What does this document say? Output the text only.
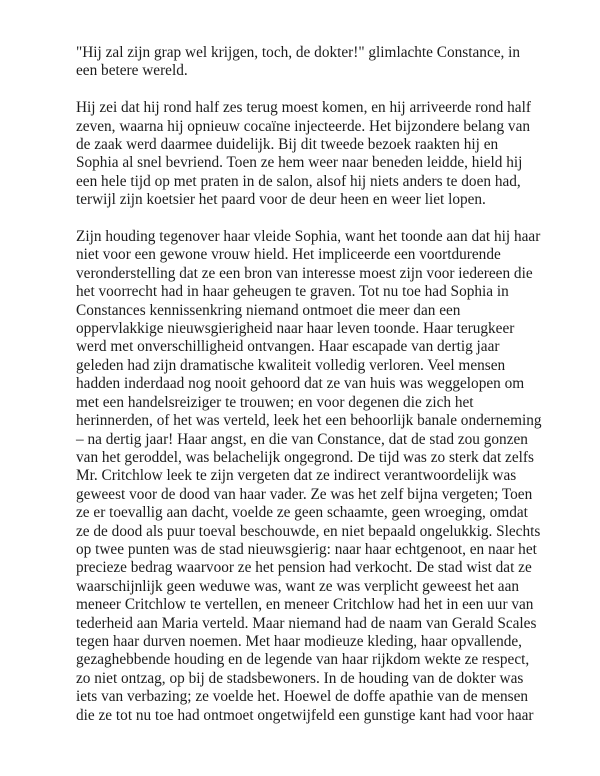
"Hij zal zijn grap wel krijgen, toch, de dokter!" glimlachte Constance, in
een betere wereld.
Hij zei dat hij rond half zes terug moest komen, en hij arriveerde rond half
zeven, waarna hij opnieuw cocaïne injecteerde. Het bijzondere belang van
de zaak werd daarmee duidelijk. Bij dit tweede bezoek raakten hij en
Sophia al snel bevriend. Toen ze hem weer naar beneden leidde, hield hij
een hele tijd op met praten in de salon, alsof hij niets anders te doen had,
terwijl zijn koetsier het paard voor de deur heen en weer liet lopen.
Zijn houding tegenover haar vleide Sophia, want het toonde aan dat hij haar
niet voor een gewone vrouw hield. Het impliceerde een voortdurende
veronderstelling dat ze een bron van interesse moest zijn voor iedereen die
het voorrecht had in haar geheugen te graven. Tot nu toe had Sophia in
Constances kennissenkring niemand ontmoet die meer dan een
oppervlakkige nieuwsgierigheid naar haar leven toonde. Haar terugkeer
werd met onverschilligheid ontvangen. Haar escapade van dertig jaar
geleden had zijn dramatische kwaliteit volledig verloren. Veel mensen
hadden inderdaad nog nooit gehoord dat ze van huis was weggelopen om
met een handelsreiziger te trouwen; en voor degenen die zich het
herinnerden, of het was verteld, leek het een behoorlijk banale onderneming
– na dertig jaar! Haar angst, en die van Constance, dat de stad zou gonzen
van het geroddel, was belachelijk ongegrond. De tijd was zo sterk dat zelfs
Mr. Critchlow leek te zijn vergeten dat ze indirect verantwoordelijk was
geweest voor de dood van haar vader. Ze was het zelf bijna vergeten; Toen
ze er toevallig aan dacht, voelde ze geen schaamte, geen wroeging, omdat
ze de dood als puur toeval beschouwde, en niet bepaald ongelukkig. Slechts
op twee punten was de stad nieuwsgierig: naar haar echtgenoot, en naar het
precieze bedrag waarvoor ze het pension had verkocht. De stad wist dat ze
waarschijnlijk geen weduwe was, want ze was verplicht geweest het aan
meneer Critchlow te vertellen, en meneer Critchlow had het in een uur van
tederheid aan Maria verteld. Maar niemand had de naam van Gerald Scales
tegen haar durven noemen. Met haar modieuze kleding, haar opvallende,
gezaghebbende houding en de legende van haar rijkdom wekte ze respect,
zo niet ontzag, op bij de stadsbewoners. In de houding van de dokter was
iets van verbazing; ze voelde het. Hoewel de doffe apathie van de mensen
die ze tot nu toe had ontmoet ongetwijfeld een gunstige kant had voor haar
